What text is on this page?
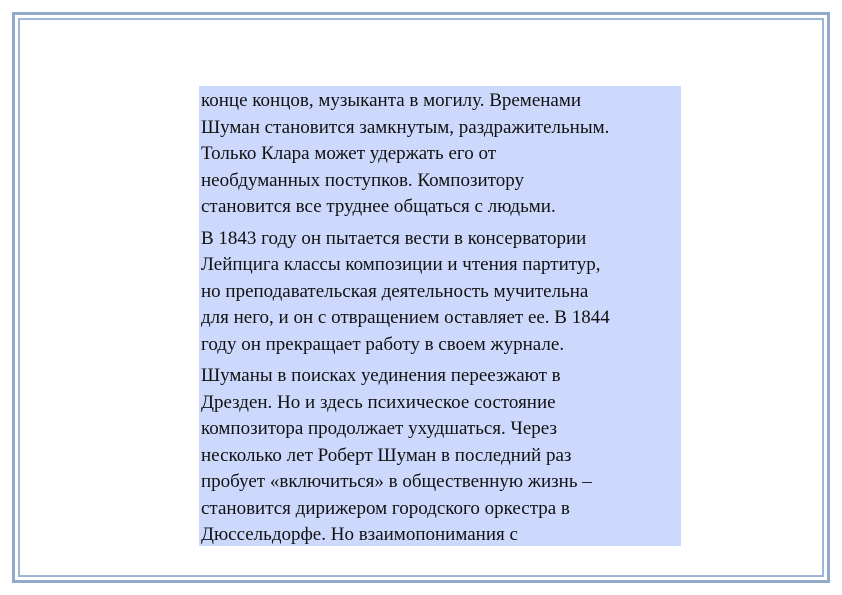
конце концов, музыканта в могилу. Временами
Шуман становится замкнутым, раздражительным.
Только Клара может удержать его от
необдуманных поступков. Композитору
становится все труднее общаться с людьми.

В 1843 году он пытается вести в консерватории
Лейпцига классы композиции и чтения партитур,
но преподавательская деятельность мучительна
для него, и он с отвращением оставляет ее. В 1844
году он прекращает работу в своем журнале.

Шуманы в поисках уединения переезжают в
Дрезден. Но и здесь психическое состояние
композитора продолжает ухудшаться. Через
несколько лет Роберт Шуман в последний раз
пробует «включиться» в общественную жизнь –
становится дирижером городского оркестра в
Дюссельдорфе. Но взаимопонимания с
